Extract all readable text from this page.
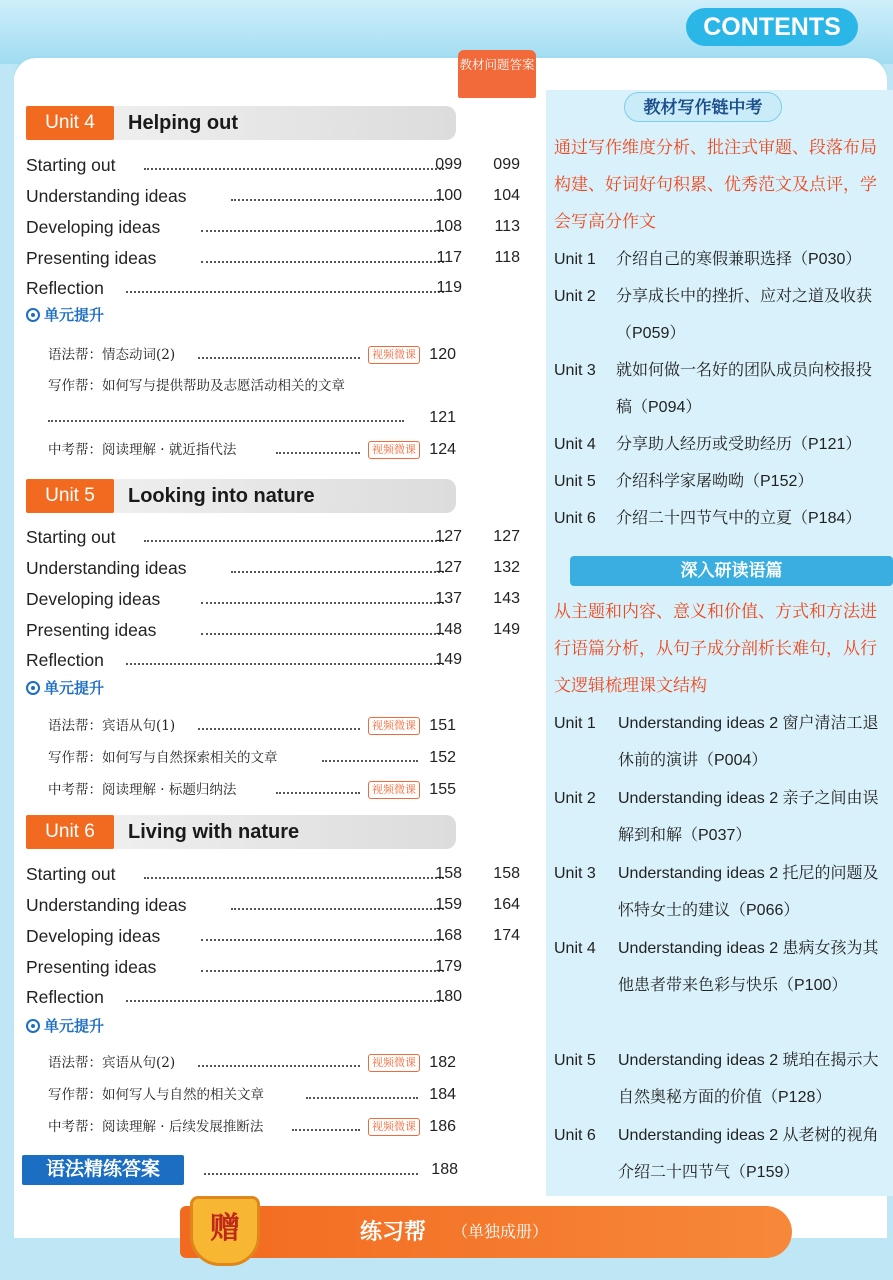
CONTENTS
教材问题答案
Unit 4	Helping out
Starting out	099	099
Understanding ideas	100	104
Developing ideas	108	113
Presenting ideas	117	118
Reflection	119
单元提升
语法帮：情态动词(2)	视频微课 120
写作帮：如何写与提供帮助及志愿活动相关的文章
121
中考帮：阅读理解 · 就近指代法	视频微课 124
Unit 5	Looking into nature
Starting out	127	127
Understanding ideas	127	132
Developing ideas	137	143
Presenting ideas	148	149
Reflection	149
单元提升
语法帮：宾语从句(1)	视频微课 151
写作帮：如何写与自然探索相关的文章	152
中考帮：阅读理解 · 标题归纳法	视频微课 155
Unit 6	Living with nature
Starting out	158	158
Understanding ideas	159	164
Developing ideas	168	174
Presenting ideas	179
Reflection	180
单元提升
语法帮：宾语从句(2)	视频微课 182
写作帮：如何写人与自然的相关文章	184
中考帮：阅读理解 · 后续发展推断法	视频微课 186
语法精练答案	188
教材写作链中考
通过写作维度分析、批注式审题、段落布局构建、好词好句积累、优秀范文及点评，学会写高分作文
Unit 1 介绍自己的寒假兼职选择（P030）
Unit 2 分享成长中的挫折、应对之道及收获（P059）
Unit 3 就如何做一名好的团队成员向校报投稿（P094）
Unit 4 分享助人经历或受助经历（P121）
Unit 5 介绍科学家屠呦呦（P152）
Unit 6 介绍二十四节气中的立夏（P184）
深入研读语篇
从主题和内容、意义和价值、方式和方法进行语篇分析，从句子成分剖析长难句，从行文逻辑梳理课文结构
Unit 1 Understanding ideas 2 窗户清洁工退休前的演讲（P004）
Unit 2 Understanding ideas 2 亲子之间由误解到和解（P037）
Unit 3 Understanding ideas 2 托尼的问题及怀特女士的建议（P066）
Unit 4 Understanding ideas 2 患病女孩为其他患者带来色彩与快乐（P100）
Unit 5 Understanding ideas 2 琥珀在揭示大自然奥秘方面的价值（P128）
Unit 6 Understanding ideas 2 从老树的视角介绍二十四节气（P159）
赠	练习帮 （单独成册）
